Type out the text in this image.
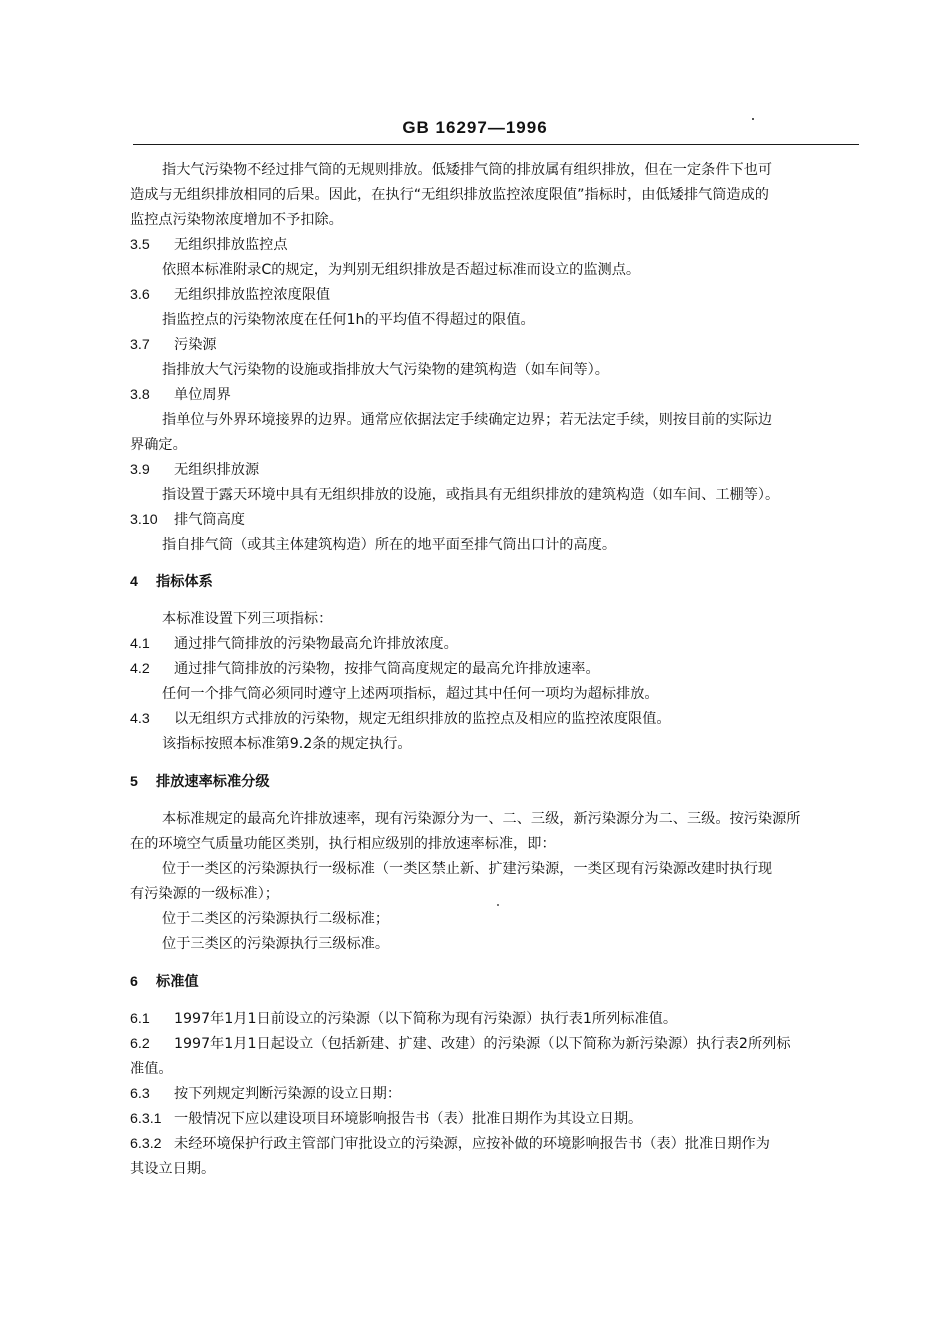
GB 16297—1996
指大气污染物不经过排气筒的无规则排放。低矮排气筒的排放属有组织排放，但在一定条件下也可
造成与无组织排放相同的后果。因此，在执行“无组织排放监控浓度限值”指标时，由低矮排气筒造成的
监控点污染物浓度增加不予扣除。
3.5 无组织排放监控点
依照本标准附录C的规定，为判别无组织排放是否超过标准而设立的监测点。
3.6 无组织排放监控浓度限值
指监控点的污染物浓度在任何1h的平均值不得超过的限值。
3.7 污染源
指排放大气污染物的设施或指排放大气污染物的建筑构造（如车间等）。
3.8 单位周界
指单位与外界环境接界的边界。通常应依据法定手续确定边界；若无法定手续，则按目前的实际边
界确定。
3.9 无组织排放源
指设置于露天环境中具有无组织排放的设施，或指具有无组织排放的建筑构造（如车间、工棚等）。
3.10 排气筒高度
指自排气筒（或其主体建筑构造）所在的地平面至排气筒出口计的高度。
4 指标体系
本标准设置下列三项指标：
4.1 通过排气筒排放的污染物最高允许排放浓度。
4.2 通过排气筒排放的污染物，按排气筒高度规定的最高允许排放速率。
任何一个排气筒必须同时遵守上述两项指标，超过其中任何一项均为超标排放。
4.3 以无组织方式排放的污染物，规定无组织排放的监控点及相应的监控浓度限值。
该指标按照本标准第9.2条的规定执行。
5 排放速率标准分级
本标准规定的最高允许排放速率，现有污染源分为一、二、三级，新污染源分为二、三级。按污染源所
在的环境空气质量功能区类别，执行相应级别的排放速率标准，即：
位于一类区的污染源执行一级标准（一类区禁止新、扩建污染源，一类区现有污染源改建时执行现
有污染源的一级标准）；
位于二类区的污染源执行二级标准；
位于三类区的污染源执行三级标准。
6 标准值
6.1 1997年1月1日前设立的污染源（以下简称为现有污染源）执行表1所列标准值。
6.2 1997年1月1日起设立（包括新建、扩建、改建）的污染源（以下简称为新污染源）执行表2所列标
准值。
6.3 按下列规定判断污染源的设立日期：
6.3.1 一般情况下应以建设项目环境影响报告书（表）批准日期作为其设立日期。
6.3.2 未经环境保护行政主管部门审批设立的污染源，应按补做的环境影响报告书（表）批准日期作为
其设立日期。
